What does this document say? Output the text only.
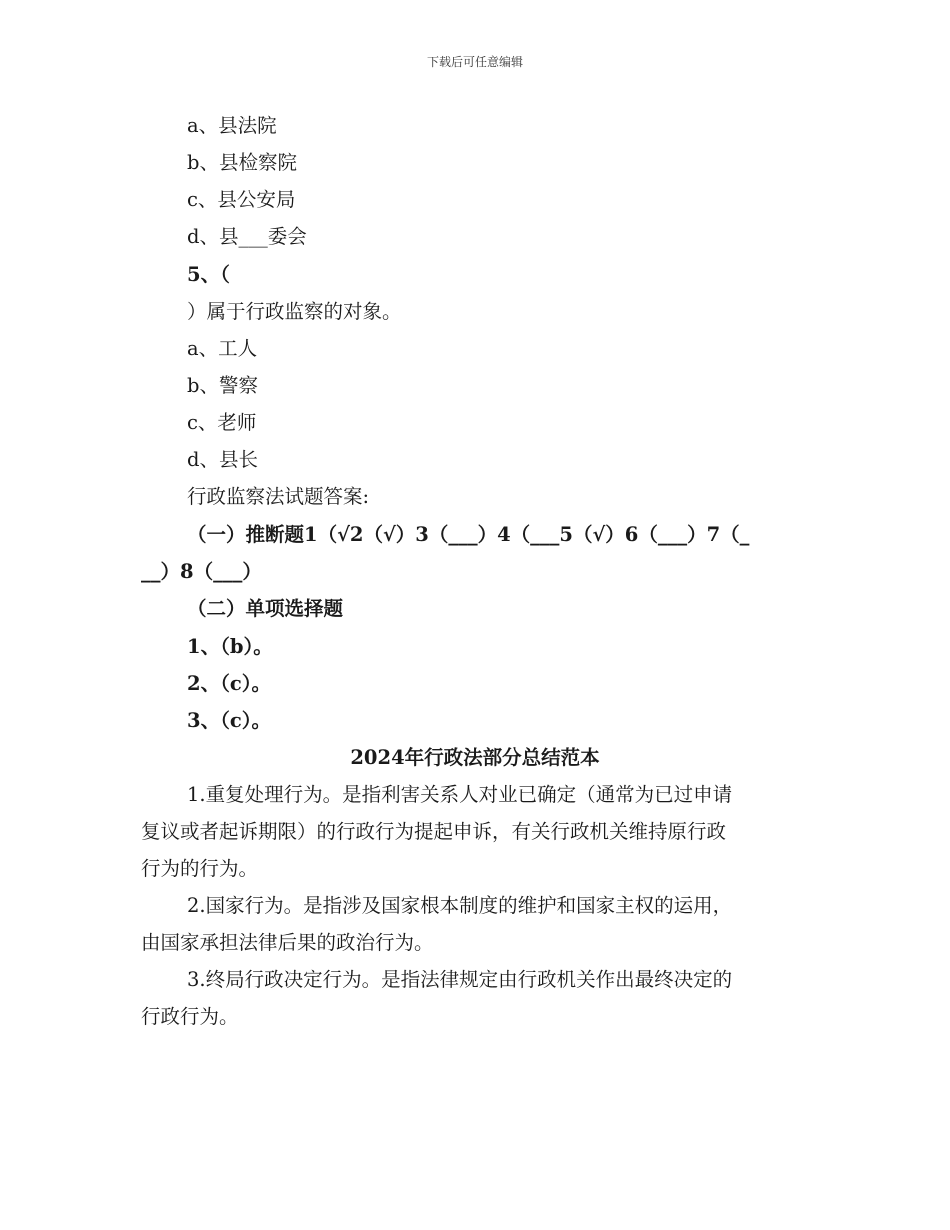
下载后可任意编辑
a、县法院
b、县检察院
c、县公安局
d、县___委会
5、（
）属于行政监察的对象。
a、工人
b、警察
c、老师
d、县长
行政监察法试题答案:
（一）推断题1（√2（√）3（___）4（___5（√）6（___）7（_
__）8（___）
（二）单项选择题
1、（b）。
2、（c）。
3、（c）。
2024年行政法部分总结范本
1.重复处理行为。是指利害关系人对业已确定（通常为已过申请
复议或者起诉期限）的行政行为提起申诉，有关行政机关维持原行政
行为的行为。
2.国家行为。是指涉及国家根本制度的维护和国家主权的运用，
由国家承担法律后果的政治行为。
3.终局行政决定行为。是指法律规定由行政机关作出最终决定的
行政行为。
